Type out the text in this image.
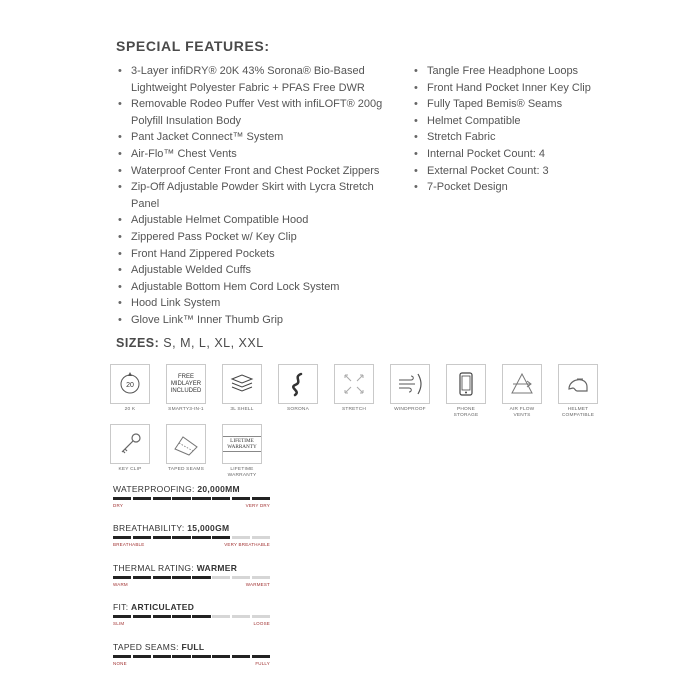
SPECIAL FEATURES:
• 3-Layer infiDRY® 20K 43% Sorona® Bio-Based Lightweight Polyester Fabric + PFAS Free DWR
• Removable Rodeo Puffer Vest with infiLOFT® 200g Polyfill Insulation Body
• Pant Jacket Connect™ System
• Air-Flo™ Chest Vents
• Waterproof Center Front and Chest Pocket Zippers
• Zip-Off Adjustable Powder Skirt with Lycra Stretch Panel
• Adjustable Helmet Compatible Hood
• Zippered Pass Pocket w/ Key Clip
• Front Hand Zippered Pockets
• Adjustable Welded Cuffs
• Adjustable Bottom Hem Cord Lock System
• Hood Link System
• Glove Link™ Inner Thumb Grip
• Tangle Free Headphone Loops
• Front Hand Pocket Inner Key Clip
• Fully Taped Bemis® Seams
• Helmet Compatible
• Stretch Fabric
• Internal Pocket Count: 4
• External Pocket Count: 3
• 7-Pocket Design
SIZES: S, M, L, XL, XXL
20
20 K
FREE MIDLAYER INCLUDED
SMARTY3-IN-1	3L SHELL	SORONA	STRETCH	WINDPROOF	PHONE STORAGE
AIR FLOW VENTS
HELMET COMPATIBLE
KEY CLIP	TAPED SEAMS
LIFETIME WARRANTY
LIFETIME WARRANTY
WATERPROOFING: 20,000MM
DRY	VERY DRY
BREATHABILITY: 15,000GM
BREATHABLE	VERY BREATHABLE
THERMAL RATING: WARMER
WARM	WARMEST
FIT: ARTICULATED
SLIM	LOOSE
TAPED SEAMS: FULL
NONE	FULLY
